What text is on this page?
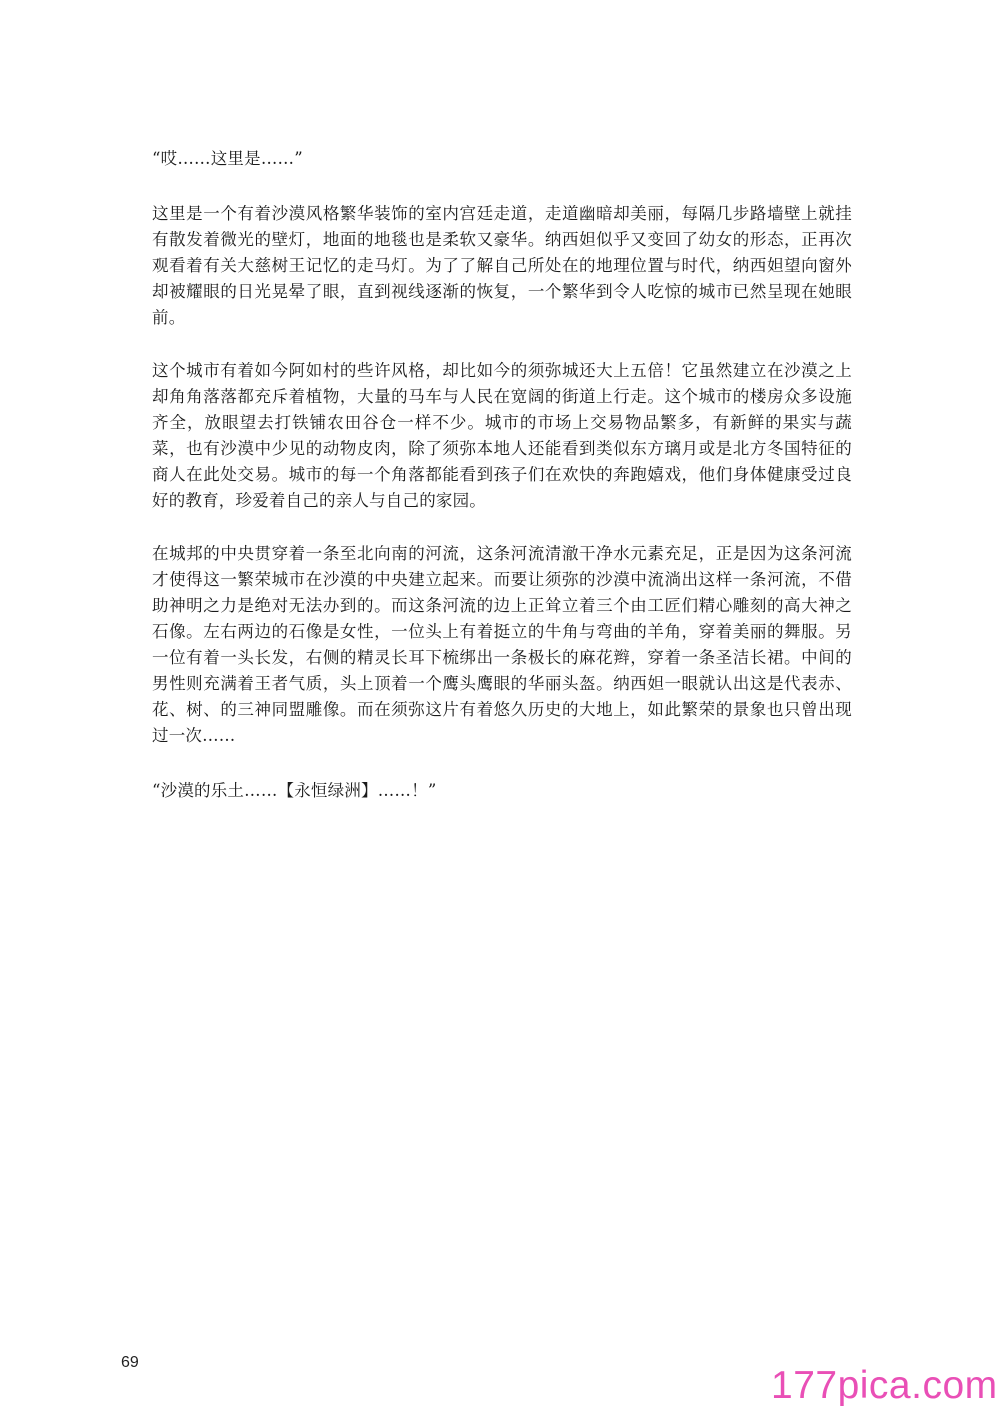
“哎……这里是……”

这里是一个有着沙漠风格繁华装饰的室内宫廷走道，走道幽暗却美丽，每隔几步路墙壁上就挂有散发着微光的壁灯，地面的地毯也是柔软又豪华。纳西妲似乎又变回了幼女的形态，正再次观看着有关大慈树王记忆的走马灯。为了了解自己所处在的地理位置与时代，纳西妲望向窗外却被耀眼的日光晃晕了眼，直到视线逐渐的恢复，一个繁华到令人吃惊的城市已然呈现在她眼前。

这个城市有着如今阿如村的些许风格，却比如今的须弥城还大上五倍！它虽然建立在沙漠之上却角角落落都充斥着植物，大量的马车与人民在宽阔的街道上行走。这个城市的楼房众多设施齐全，放眼望去打铁铺农田谷仓一样不少。城市的市场上交易物品繁多，有新鲜的果实与蔬菜，也有沙漠中少见的动物皮肉，除了须弥本地人还能看到类似东方璃月或是北方冬国特征的商人在此处交易。城市的每一个角落都能看到孩子们在欢快的奔跑嬉戏，他们身体健康受过良好的教育，珍爱着自己的亲人与自己的家园。

在城邦的中央贯穿着一条至北向南的河流，这条河流清澈干净水元素充足，正是因为这条河流才使得这一繁荣城市在沙漠的中央建立起来。而要让须弥的沙漠中流淌出这样一条河流，不借助神明之力是绝对无法办到的。而这条河流的边上正耸立着三个由工匠们精心雕刻的高大神之石像。左右两边的石像是女性，一位头上有着挺立的牛角与弯曲的羊角，穿着美丽的舞服。另一位有着一头长发，右侧的精灵长耳下梳绑出一条极长的麻花辫，穿着一条圣洁长裙。中间的男性则充满着王者气质，头上顶着一个鹰头鹰眼的华丽头盔。纳西妲一眼就认出这是代表赤、花、树、的三神同盟雕像。而在须弥这片有着悠久历史的大地上，如此繁荣的景象也只曾出现过一次……

“沙漠的乐土……【永恒绿洲】……！”

69
177pica.com
